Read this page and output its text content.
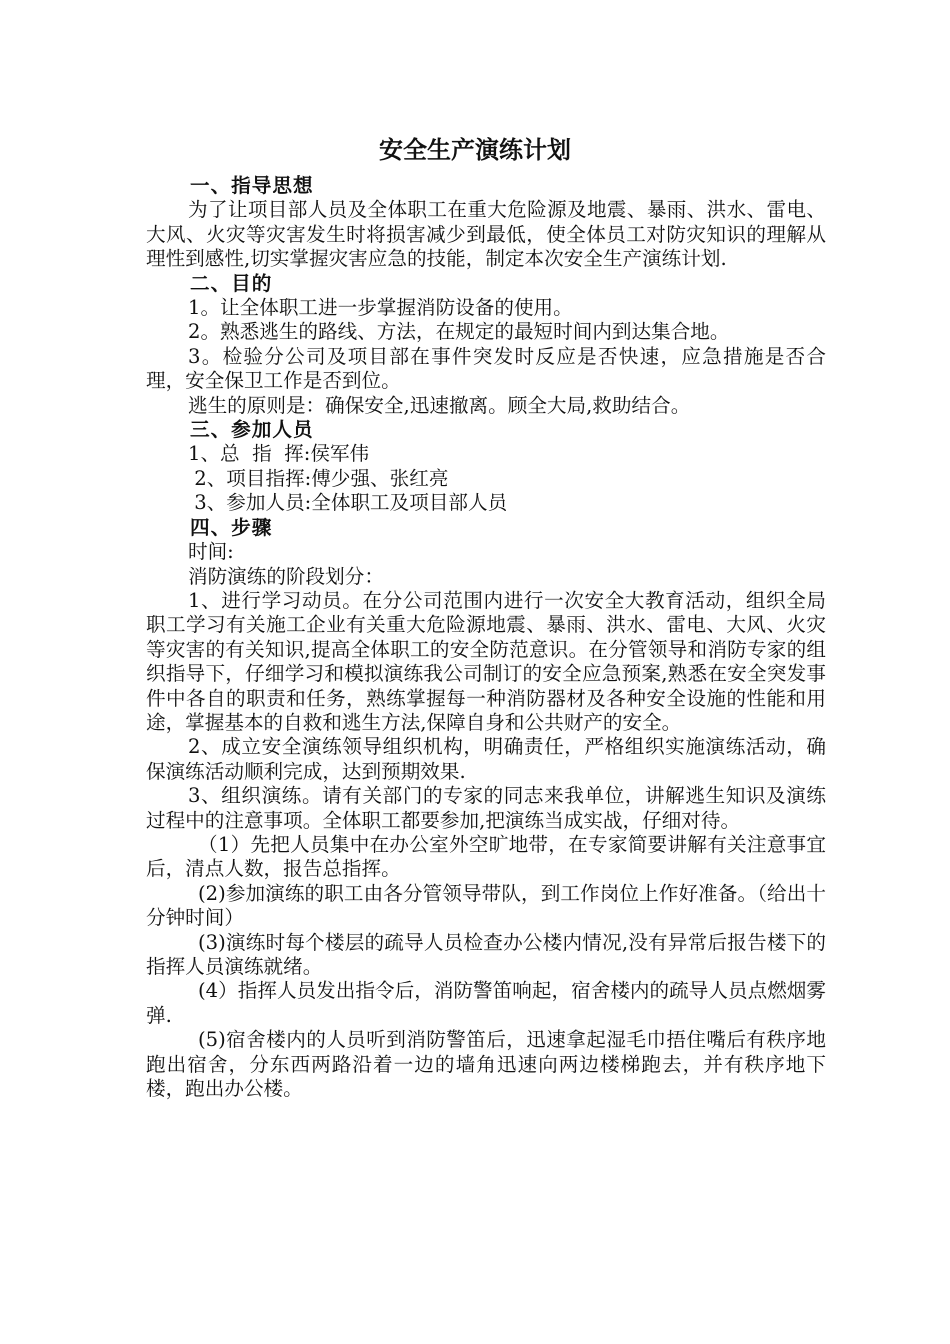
安全生产演练计划

一、指导思想

为了让项目部人员及全体职工在重大危险源及地震、暴雨、洪水、雷电、大风、火灾等灾害发生时将损害减少到最低，使全体员工对防灾知识的理解从理性到感性,切实掌握灾害应急的技能，制定本次安全生产演练计划.

二、目的

1。让全体职工进一步掌握消防设备的使用。

2。熟悉逃生的路线、方法，在规定的最短时间内到达集合地。

3。检验分公司及项目部在事件突发时反应是否快速，应急措施是否合理，安全保卫工作是否到位。

逃生的原则是：确保安全,迅速撤离。顾全大局,救助结合。

三、参加人员

1、总  指  挥:侯军伟

2、项目指挥:傅少强、张红亮

3、参加人员:全体职工及项目部人员

四、步骤

时间:

消防演练的阶段划分：

1、进行学习动员。在分公司范围内进行一次安全大教育活动，组织全局职工学习有关施工企业有关重大危险源地震、暴雨、洪水、雷电、大风、火灾等灾害的有关知识,提高全体职工的安全防范意识。在分管领导和消防专家的组织指导下，仔细学习和模拟演练我公司制订的安全应急预案,熟悉在安全突发事件中各自的职责和任务，熟练掌握每一种消防器材及各种安全设施的性能和用途，掌握基本的自救和逃生方法,保障自身和公共财产的安全。

2、成立安全演练领导组织机构，明确责任，严格组织实施演练活动，确保演练活动顺利完成，达到预期效果.

3、组织演练。请有关部门的专家的同志来我单位，讲解逃生知识及演练过程中的注意事项。全体职工都要参加,把演练当成实战，仔细对待。

（1）先把人员集中在办公室外空旷地带，在专家简要讲解有关注意事宜后，清点人数，报告总指挥。

(2)参加演练的职工由各分管领导带队，到工作岗位上作好准备。（给出十分钟时间）

(3)演练时每个楼层的疏导人员检查办公楼内情况,没有异常后报告楼下的指挥人员演练就绪。

(4）指挥人员发出指令后，消防警笛响起，宿舍楼内的疏导人员点燃烟雾弹.

(5)宿舍楼内的人员听到消防警笛后，迅速拿起湿毛巾捂住嘴后有秩序地跑出宿舍，分东西两路沿着一边的墙角迅速向两边楼梯跑去，并有秩序地下楼，跑出办公楼。
